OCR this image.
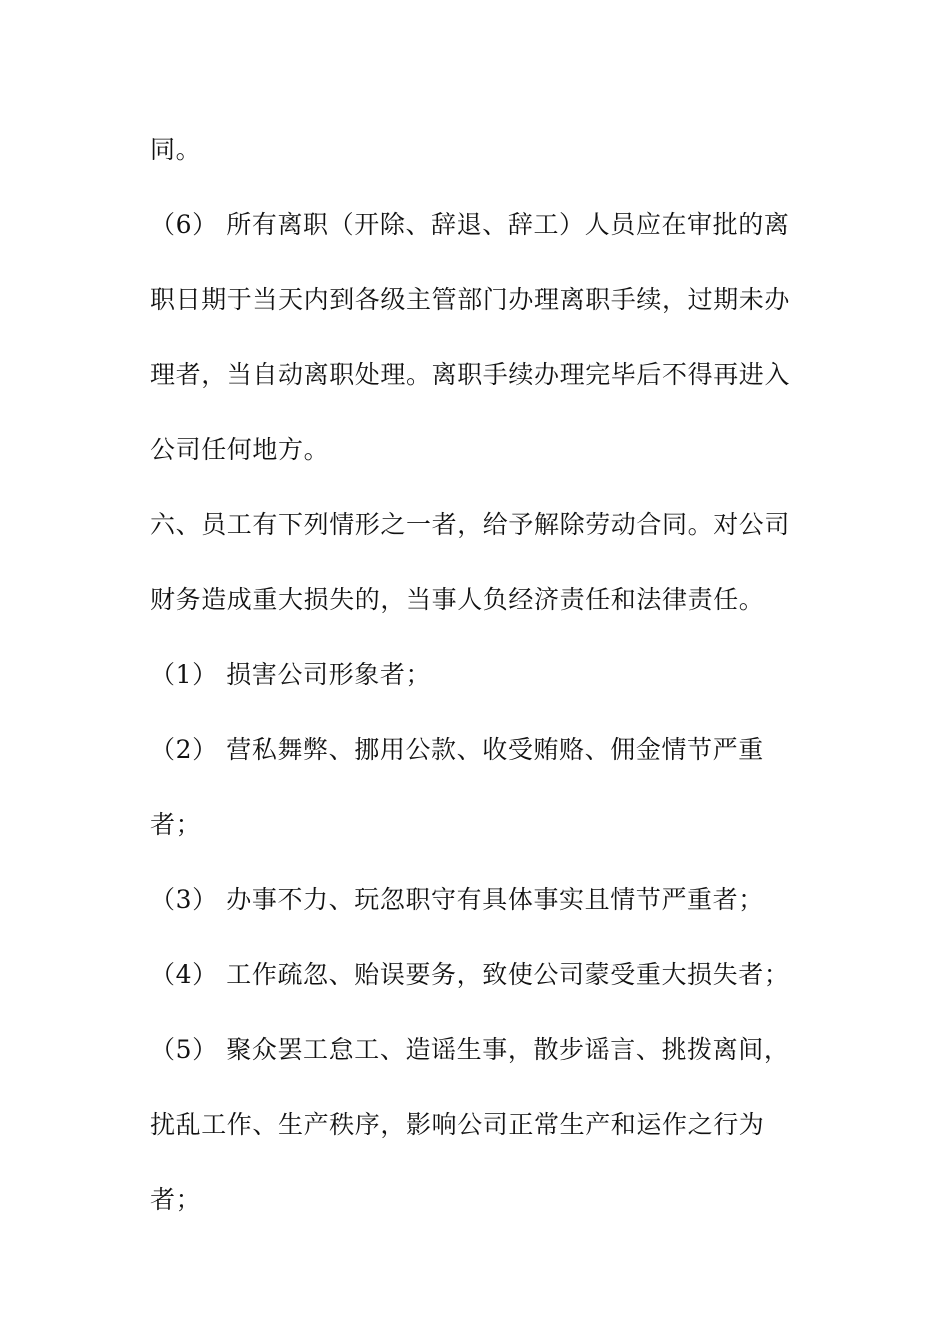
同。
（6） 所有离职（开除、辞退、辞工）人员应在审批的离
职日期于当天内到各级主管部门办理离职手续，过期未办
理者，当自动离职处理。离职手续办理完毕后不得再进入
公司任何地方。
六、员工有下列情形之一者，给予解除劳动合同。对公司
财务造成重大损失的，当事人负经济责任和法律责任。
（1） 损害公司形象者；
（2） 营私舞弊、挪用公款、收受贿赂、佣金情节严重
者；
（3） 办事不力、玩忽职守有具体事实且情节严重者；
（4） 工作疏忽、贻误要务，致使公司蒙受重大损失者；
（5） 聚众罢工怠工、造谣生事，散步谣言、挑拨离间，
扰乱工作、生产秩序，影响公司正常生产和运作之行为
者；
